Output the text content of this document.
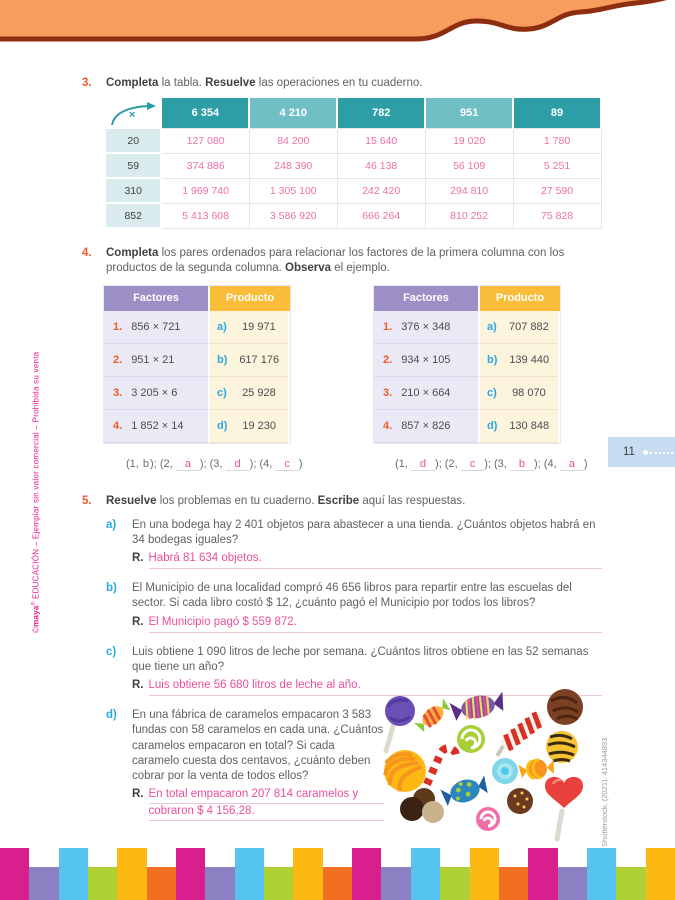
©maya® EDUCACIÓN – Ejemplar sin valor comercial – Prohibida su venta
Shutterstock. (2021). 414344893
3.	Completa la tabla. Resuelve las operaciones en tu cuaderno.
×	6 354	4 210	782	951	89
20	127 080	84 200	15 640	19 020	1 780
59	374 886	248 390	46 138	56 109	5 251
310	1 969 740	1 305 100	242 420	294 810	27 590
852	5 413 608	3 586 920	666 264	810 252	75 828
4.	Completa los pares ordenados para relacionar los factores de la primera columna con los productos de la segunda columna. Observa el ejemplo.
Factores	Producto
1. 856 × 721	a)	19 971
2. 951 × 21	b)	617 176
3. 3 205 × 6	c)	25 928
4. 1 852 × 14	d)	19 230
Factores	Producto
1. 376 × 348	a)	707 882
2. 934 × 105	b)	139 440
3. 210 × 664	c)	98 070
4. 857 × 826	d)	130 848
(1, b); (2, a ); (3, d ); (4, c )	(1, d ); (2, c ); (3, b ); (4, a )
5.	Resuelve los problemas en tu cuaderno. Escribe aquí las respuestas.
a)	En una bodega hay 2 401 objetos para abastecer a una tienda. ¿Cuántos objetos habrá en 34 bodegas iguales?
R. Habrá 81 634 objetos.
b)	El Municipio de una localidad compró 46 656 libros para repartir entre las escuelas del sector. Si cada libro costó $ 12, ¿cuánto pagó el Municipio por todos los libros?
R. El Municipio pagó $ 559 872.
c)	Luis obtiene 1 090 litros de leche por semana. ¿Cuántos litros obtiene en las 52 semanas que tiene un año?
R. Luis obtiene 56 680 litros de leche al año.
d)	En una fábrica de caramelos empacaron 3 583 fundas con 58 caramelos en cada una. ¿Cuántos caramelos empacaron en total? Si cada caramelo cuesta dos centavos, ¿cuánto deben cobrar por la venta de todos ellos?
R. En total empacaron 207 814 caramelos y
cobraron $ 4 156,28.
11
